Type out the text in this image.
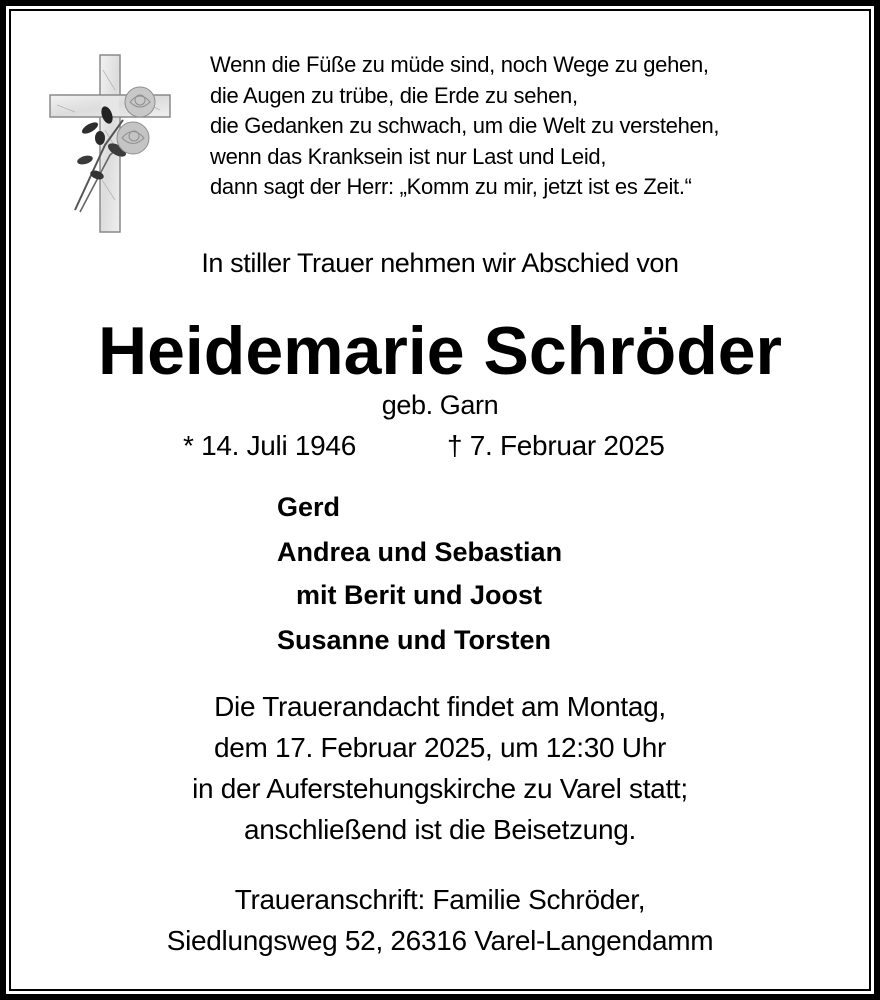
Wenn die Füße zu müde sind, noch Wege zu gehen,
die Augen zu trübe, die Erde zu sehen,
die Gedanken zu schwach, um die Welt zu verstehen,
wenn das Kranksein ist nur Last und Leid,
dann sagt der Herr: „Komm zu mir, jetzt ist es Zeit.“
In stiller Trauer nehmen wir Abschied von
Heidemarie Schröder
geb. Garn
* 14. Juli 1946	† 7. Februar 2025
Gerd
Andrea und Sebastian
mit Berit und Joost
Susanne und Torsten
Die Trauerandacht findet am Montag,
dem 17. Februar 2025, um 12:30 Uhr
in der Auferstehungskirche zu Varel statt;
anschließend ist die Beisetzung.
Traueranschrift: Familie Schröder,
Siedlungsweg 52, 26316 Varel-Langendamm
